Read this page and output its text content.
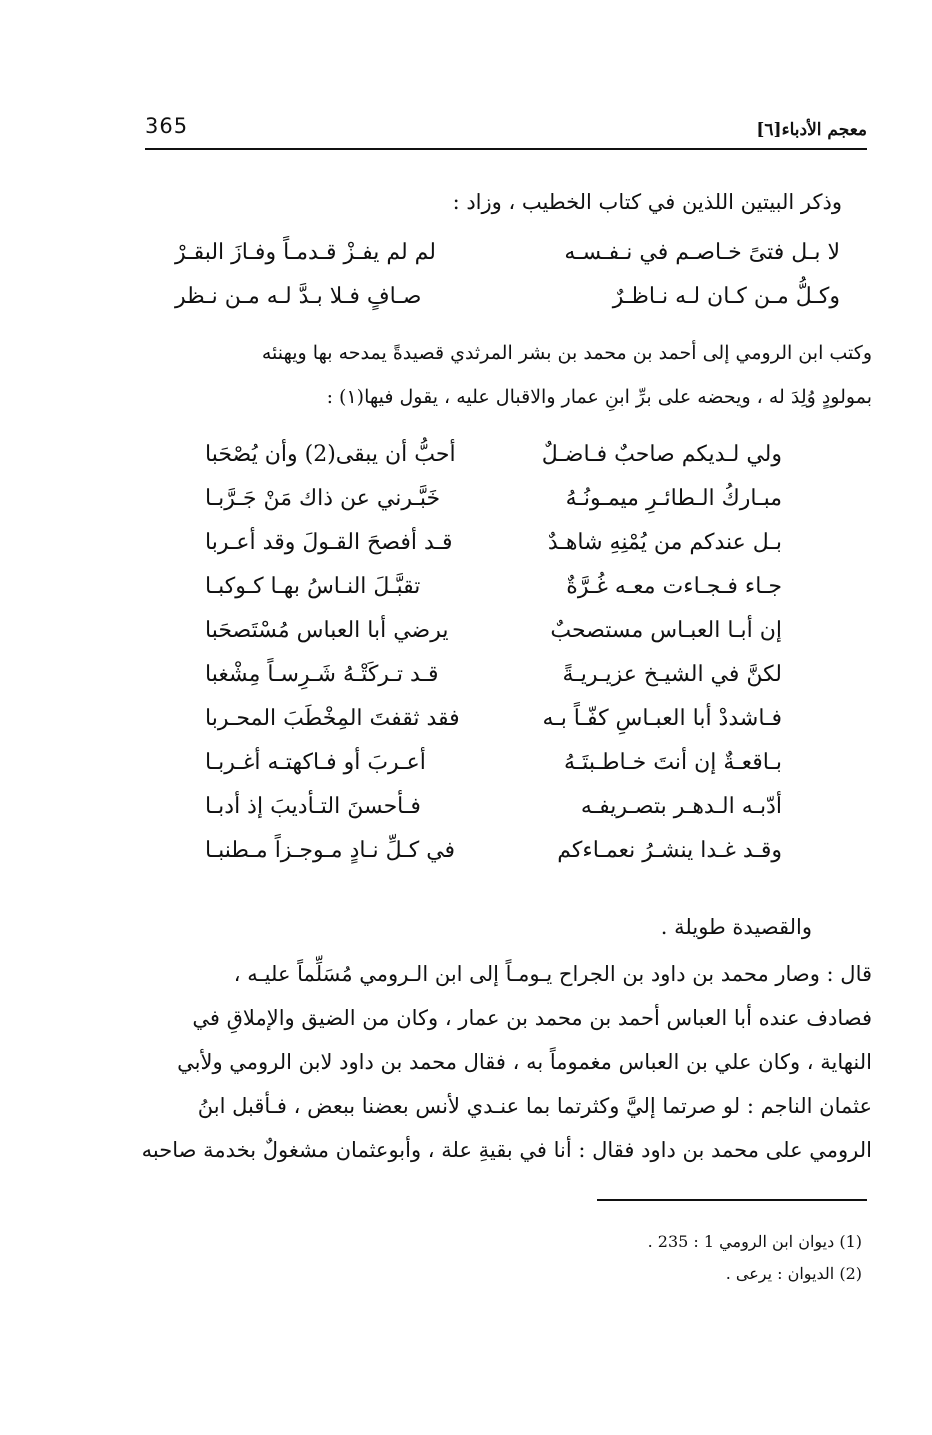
365	معجم الأدباء[٦]
وذكر البيتين اللذين في كتاب الخطيب ، وزاد :
لا بـل فتىً خـاصـم في نـفـسـه
لم لم يفـزْ قـدمـاً وفـازَ البقـرْ
وكـلُّ مـن كـان لـه نـاظـرٌ
صـافٍ فـلا بـدَّ لـه مـن نـظر
وكتب ابن الرومي إلى أحمد بن محمد بن بشر المرثدي قصيدةً يمدحه بها ويهنئه
بمولودٍ وُلِدَ له ، ويحضه على برِّ ابنِ عمار والاقبال عليه ، يقول فيها(١) :
ولي لـديكم صاحبٌ فـاضـلٌ
أحبُّ أن يبقى(2) وأن يُصْحَبا
مبـاركُ الـطائـرِ ميمـونُـهُ
خَبَّـرني عن ذاك مَنْ جَـرَّبـا
بـل عندكم من يُمْنِهِ شاهـدٌ
قـد أفصحَ القـولَ وقد أعـربا
جـاء فـجـاءت معـه غُـرَّةٌ
تقبَّـلَ النـاسُ بهـا كـوكبـا
إن أبـا العبـاس مستصحبٌ
يرضي أبا العباس مُسْتَصحَبا
لكنَّ في الشيـخ عزيـريـةً
قـد تـركَتْـهُ شَـرِسـاً مِشْغبا
فـاشددْ أبا العبـاسِ كفّـاً بـه
فقد ثقفتَ المِخْطَبَ المحـربا
بـاقعـةٌ إن أنتَ خـاطـبتَـهُ
أعـربَ أو فـاكهتـه أغـربـا
أدّبـه الـدهـر بتصـريفـه
فـأحسنَ التـأديبَ إذ أدبـا
وقـد غـدا ينشـرُ نعمـاءكم
في كـلِّ نـادٍ مـوجـزاً مـطنبـا
والقصيدة طويلة .
قال : وصار محمد بن داود بن الجراح يـومـاً إلى ابن الـرومي مُسَلِّماً عليـه ،
فصادف عنده أبا العباس أحمد بن محمد بن عمار ، وكان من الضيق والإملاقِ في
النهاية ، وكان علي بن العباس مغموماً به ، فقال محمد بن داود لابن الرومي ولأبي
عثمان الناجم : لو صرتما إليَّ وكثرتما بما عنـدي لأنس بعضنا ببعض ، فـأقبل ابنُ
الرومي على محمد بن داود فقال : أنا في بقيةِ علة ، وأبوعثمان مشغولٌ بخدمة صاحبه
(1) ديوان ابن الرومي 1 : 235 .
(2) الديوان : يرعى .
